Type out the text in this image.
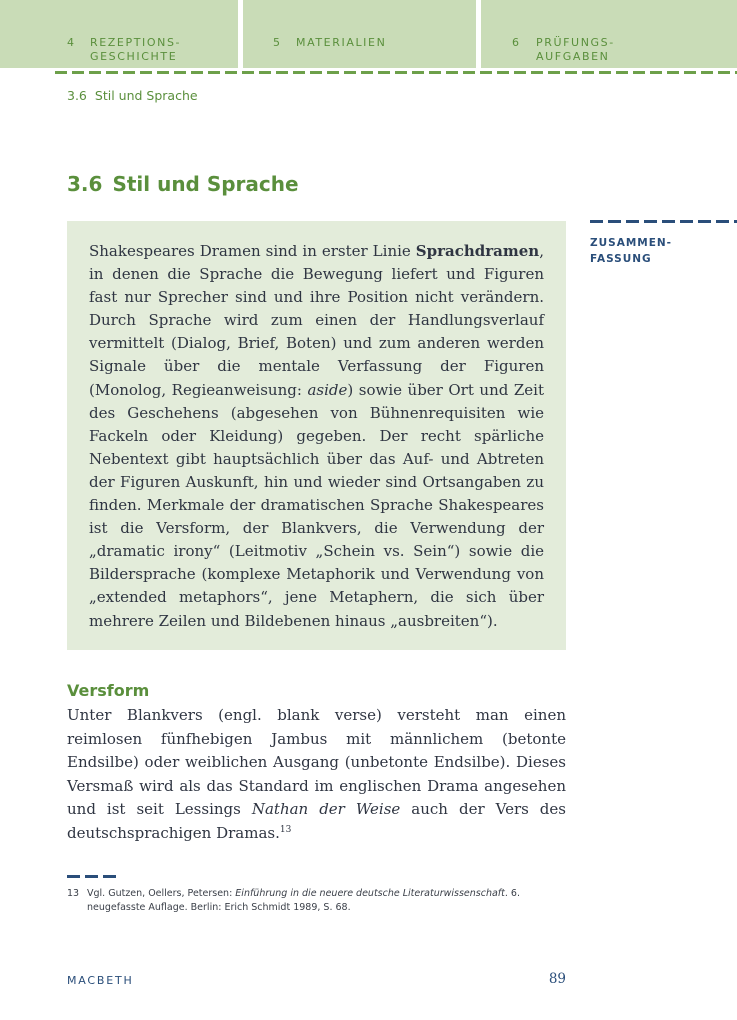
4 REZEPTIONS-
GESCHICHTE
5 MATERIALIEN	6 PRÜFUNGS-
AUFGABEN
3.6 Stil und Sprache
3.6 Stil und Sprache
Shakespeares Dramen sind in erster Linie Sprachdramen, in denen die Sprache die Bewegung liefert und Figuren fast nur Sprecher sind und ihre Position nicht verändern. Durch Sprache wird zum einen der Handlungsverlauf vermittelt (Dialog, Brief, Boten) und zum anderen werden Signale über die mentale Verfassung der Figuren (Monolog, Regieanweisung: aside) sowie über Ort und Zeit des Geschehens (abgesehen von Bühnenrequisiten wie Fackeln oder Kleidung) gegeben. Der recht spärliche Nebentext gibt hauptsächlich über das Auf- und Abtreten der Figuren Auskunft, hin und wieder sind Ortsangaben zu finden. Merkmale der dramatischen Sprache Shakespeares ist die Versform, der Blankvers, die Verwendung der „dramatic irony“ (Leitmotiv „Schein vs. Sein“) sowie die Bildersprache (komplexe Metaphorik und Verwendung von „extended metaphors“, jene Metaphern, die sich über mehrere Zeilen und Bildebenen hinaus „ausbreiten“).
ZUSAMMEN-
FASSUNG
Versform
Unter Blankvers (engl. blank verse) versteht man einen reimlosen fünfhebigen Jambus mit männlichem (betonte Endsilbe) oder weiblichen Ausgang (unbetonte Endsilbe). Dieses Versmaß wird als das Standard im englischen Drama angesehen und ist seit Lessings Nathan der Weise auch der Vers des deutschsprachigen Dramas.$^{13}$
13 Vgl. Gutzen, Oellers, Petersen: Einführung in die neuere deutsche Literaturwissenschaft. 6. neugefasste Auflage. Berlin: Erich Schmidt 1989, S. 68.
MACBETH	89
